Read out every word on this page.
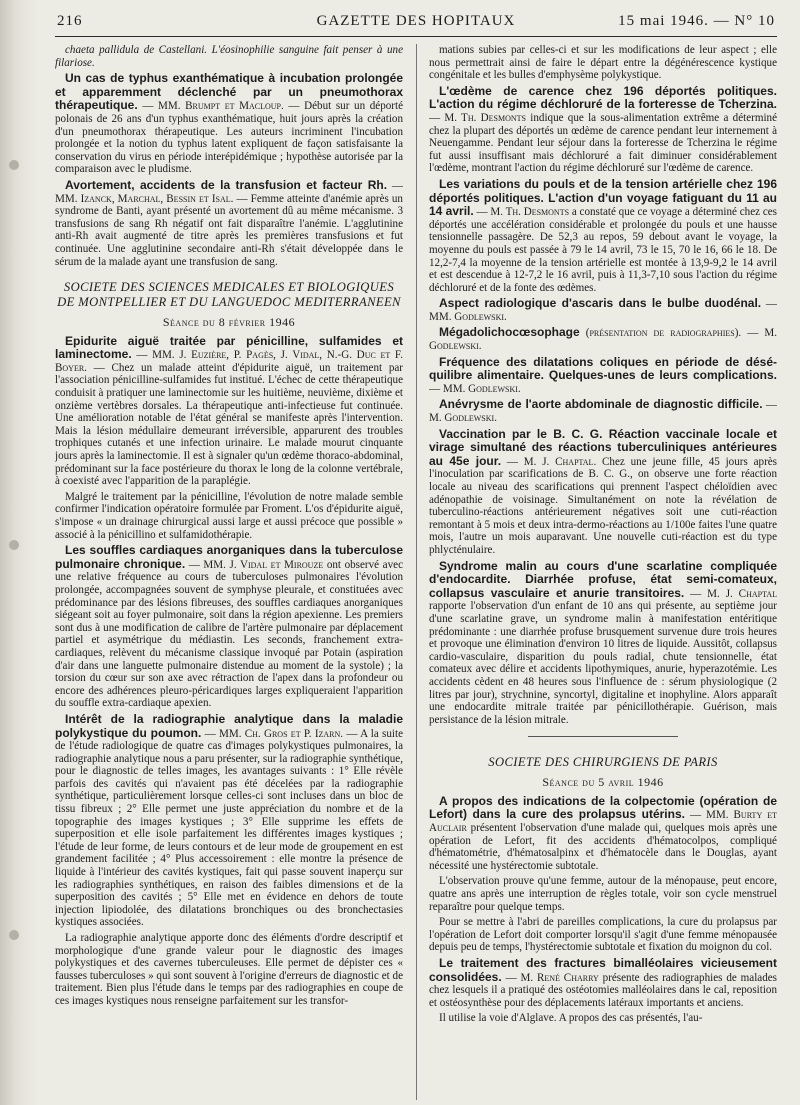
216	GAZETTE DES HOPITAUX	15 mai 1946. — N° 10

chaeta pallidula de Castellani. L'éosinophilie sanguine fait penser à une filariose.

Un cas de typhus exanthématique à incubation prolongée et apparemment déclenché par un pneumothorax thérapeutique. — MM. Brumpt et Macloup. — Début sur un déporté polonais de 26 ans d'un typhus exanthématique, huit jours après la création d'un pneumothorax thérapeutique. Les auteurs incriminent l'incubation prolongée et la notion du typhus latent expliquent de façon satisfaisante la conservation du virus en période interépidémique ; hypothèse autorisée par la comparaison avec le pludisme.

Avortement, accidents de la transfusion et facteur Rh. — MM. Izanck, Marchal, Bessin et Isal. — Femme atteinte d'anémie après un syndrome de Banti, ayant présenté un avortement dû au même mécanisme. 3 transfusions de sang Rh négatif ont fait disparaître l'anémie. L'agglutinine anti-Rh avait augmenté de titre après les premières transfusions et fut continuée. Une agglutinine secondaire anti-Rh s'était développée dans le sérum de la malade ayant une transfusion de sang.

SOCIETE DES SCIENCES MEDICALES ET BIOLOGIQUES DE MONTPELLIER ET DU LANGUEDOC MEDITERRANEEN
Séance du 8 février 1946

Epidurite aiguë traitée par pénicilline, sulfamides et laminectome. — MM. J. Euzière, P. Pagès, J. Vidal, N.-G. Duc et F. Boyer. — Chez un malade atteint d'épidurite aiguë, un traitement par l'association pénicilline-sulfamides fut institué. L'échec de cette thérapeutique conduisit à pratiquer une laminectomie sur les huitième, neuvième, dixième et onzième vertèbres dorsales. La thérapeutique anti-infectieuse fut continuée. Une amélioration notable de l'état général se manifeste après l'intervention. Mais la lésion médullaire demeurant irréversible, apparurent des troubles trophiques cutanés et une infection urinaire. Le malade mourut cinquante jours après la laminectomie. Il est à signaler qu'un œdème thoraco-abdominal, prédominant sur la face postérieure du thorax le long de la colonne vertébrale, à coexisté avec l'apparition de la paraplégie.

Malgré le traitement par la pénicilline, l'évolution de notre malade semble confirmer l'indication opératoire formulée par Froment. L'os d'épidurite aiguë, s'impose « un drainage chirurgical aussi large et aussi précoce que possible » associé à la pénicillino et sulfamidothérapie.

Les souffles cardiaques anorganiques dans la tuberculose pulmonaire chronique. — MM. J. Vidal et Mirouze ont observé avec une relative fréquence au cours de tuberculoses pulmonaires l'évolution prolongée, accompagnées souvent de symphyse pleurale, et constituées avec prédominance par des lésions fibreuses, des souffles cardiaques anorganiques siégeant soit au foyer pulmonaire, soit dans la région apexienne. Les premiers sont dus à une modification de calibre de l'artère pulmonaire par déplacement partiel et asymétrique du médiastin. Les seconds, franchement extra-cardiaques, relèvent du mécanisme classique invoqué par Potain (aspiration d'air dans une languette pulmonaire distendue au moment de la systole) ; la torsion du cœur sur son axe avec rétraction de l'apex dans la profondeur ou encore des adhérences pleuro-péricardiques larges expliqueraient l'apparition du souffle extra-cardiaque apexien.

Intérêt de la radiographie analytique dans la maladie polykystique du poumon. — MM. Ch. Gros et P. Izarn. — A la suite de l'étude radiologique de quatre cas d'images polykystiques pulmonaires, la radiographie analytique nous a paru présenter, sur la radiographie synthétique, pour le diagnostic de telles images, les avantages suivants : 1° Elle révèle parfois des cavités qui n'avaient pas été décelées par la radiographie synthétique, particulièrement lorsque celles-ci sont incluses dans un bloc de tissu fibreux ; 2° Elle permet une juste appréciation du nombre et de la topographie des images kystiques ; 3° Elle supprime les effets de superposition et elle isole parfaitement les différentes images kystiques ; l'étude de leur forme, de leurs contours et de leur mode de groupement en est grandement facilitée ; 4° Plus accessoirement : elle montre la présence de liquide à l'intérieur des cavités kystiques, fait qui passe souvent inaperçu sur les radiographies synthétiques, en raison des faibles dimensions et de la superposition des cavités ; 5° Elle met en évidence en dehors de toute injection lipiodolée, des dilatations bronchiques ou des bronchectasies kystiques associées.

La radiographie analytique apporte donc des éléments d'ordre descriptif et morphologique d'une grande valeur pour le diagnostic des images polykystiques et des cavernes tuberculeuses. Elle permet de dépister ces « fausses tuberculoses » qui sont souvent à l'origine d'erreurs de diagnostic et de traitement. Bien plus l'étude dans le temps par des radiographies en coupe de ces images kystiques nous renseigne parfaitement sur les transfor-

mations subies par celles-ci et sur les modifications de leur aspect ; elle nous permettrait ainsi de faire le départ entre la dégénérescence kystique congénitale et les bulles d'emphysème polykystique.

L'œdème de carence chez 196 déportés politiques. L'action du régime déchloruré de la forteresse de Tcherzina. — M. Th. Desmonts indique que la sous-alimentation extrême a déterminé chez la plupart des déportés un œdème de carence pendant leur internement à Neuengamme. Pendant leur séjour dans la forteresse de Tcherzina le régime fut aussi insuffisant mais déchloruré a fait diminuer considérablement l'œdème, montrant l'action du régime déchloruré sur l'œdème de carence.

Les variations du pouls et de la tension artérielle chez 196 déportés politiques. L'action d'un voyage fatiguant du 11 au 14 avril. — M. Th. Desmonts a constaté que ce voyage a déterminé chez ces déportés une accélération considérable et prolongée du pouls et une hausse tensionnelle passagère. De 52,3 au repos, 59 debout avant le voyage, la moyenne du pouls est passée à 79 le 14 avril, 73 le 15, 70 le 16, 66 le 18. De 12,2-7,4 la moyenne de la tension artérielle est montée à 13,9-9,2 le 14 avril et est descendue à 12-7,2 le 16 avril, puis à 11,3-7,10 sous l'action du régime déchloruré et de la fonte des œdèmes.

Aspect radiologique d'ascaris dans le bulbe duodénal. — MM. Godlewski.

Mégadolichocœsophage (présentation de radiographies). — M. Godlewski.

Fréquence des dilatations coliques en période de désé-quilibre alimentaire. Quelques-unes de leurs complications. — MM. Godlewski.

Anévrysme de l'aorte abdominale de diagnostic difficile. — M. Godlewski.

Vaccination par le B. C. G. Réaction vaccinale locale et virage simultané des réactions tuberculiniques antérieures au 45e jour. — M. J. Chaptal. Chez une jeune fille, 45 jours après l'inoculation par scarifications de B. C. G., on observe une forte réaction locale au niveau des scarifications qui prennent l'aspect chéloïdien avec adénopathie de voisinage. Simultanément on note la révélation de tuberculino-réactions antérieurement négatives soit une cuti-réaction remontant à 5 mois et deux intra-dermo-réactions au 1/100e faites l'une quatre mois, l'autre un mois auparavant. Une nouvelle cuti-réaction est du type phlycténulaire.

Syndrome malin au cours d'une scarlatine compliquée d'endocardite. Diarrhée profuse, état semi-comateux, collapsus vasculaire et anurie transitoires. — M. J. Chaptal rapporte l'observation d'un enfant de 10 ans qui présente, au septième jour d'une scarlatine grave, un syndrome malin à manifestation entéritique prédominante : une diarrhée profuse brusquement survenue dure trois heures et provoque une élimination d'environ 10 litres de liquide. Aussitôt, collapsus cardio-vasculaire, disparition du pouls radial, chute tensionnelle, état comateux avec délire et accidents lipothymiques, anurie, hyperazotémie. Les accidents cèdent en 48 heures sous l'influence de : sérum physiologique (2 litres par jour), strychnine, syncortyl, digitaline et inophyline. Alors apparaît une endocardite mitrale traitée par pénicillothérapie. Guérison, mais persistance de la lésion mitrale.

SOCIETE DES CHIRURGIENS DE PARIS
Séance du 5 avril 1946

A propos des indications de la colpectomie (opération de Lefort) dans la cure des prolapsus utérins. — MM. Burty et Auclair présentent l'observation d'une malade qui, quelques mois après une opération de Lefort, fit des accidents d'hématocolpos, compliqué d'hématométrie, d'hématosalpinx et d'hématocèle dans le Douglas, ayant nécessité une hystérectomie subtotale.

L'observation prouve qu'une femme, autour de la ménopause, peut encore, quatre ans après une interruption de règles totale, voir son cycle menstruel reparaître pour quelque temps.

Pour se mettre à l'abri de pareilles complications, la cure du prolapsus par l'opération de Lefort doit comporter lorsqu'il s'agit d'une femme ménopausée depuis peu de temps, l'hystérectomie subtotale et fixation du moignon du col.

Le traitement des fractures bimalléolaires vicieusement consolidées. — M. René Charry présente des radiographies de malades chez lesquels il a pratiqué des ostéotomies malléolaires dans le cal, reposition et ostéosynthèse pour des déplacements latéraux importants et anciens.

Il utilise la voie d'Alglave. A propos des cas présentés, l'au-
